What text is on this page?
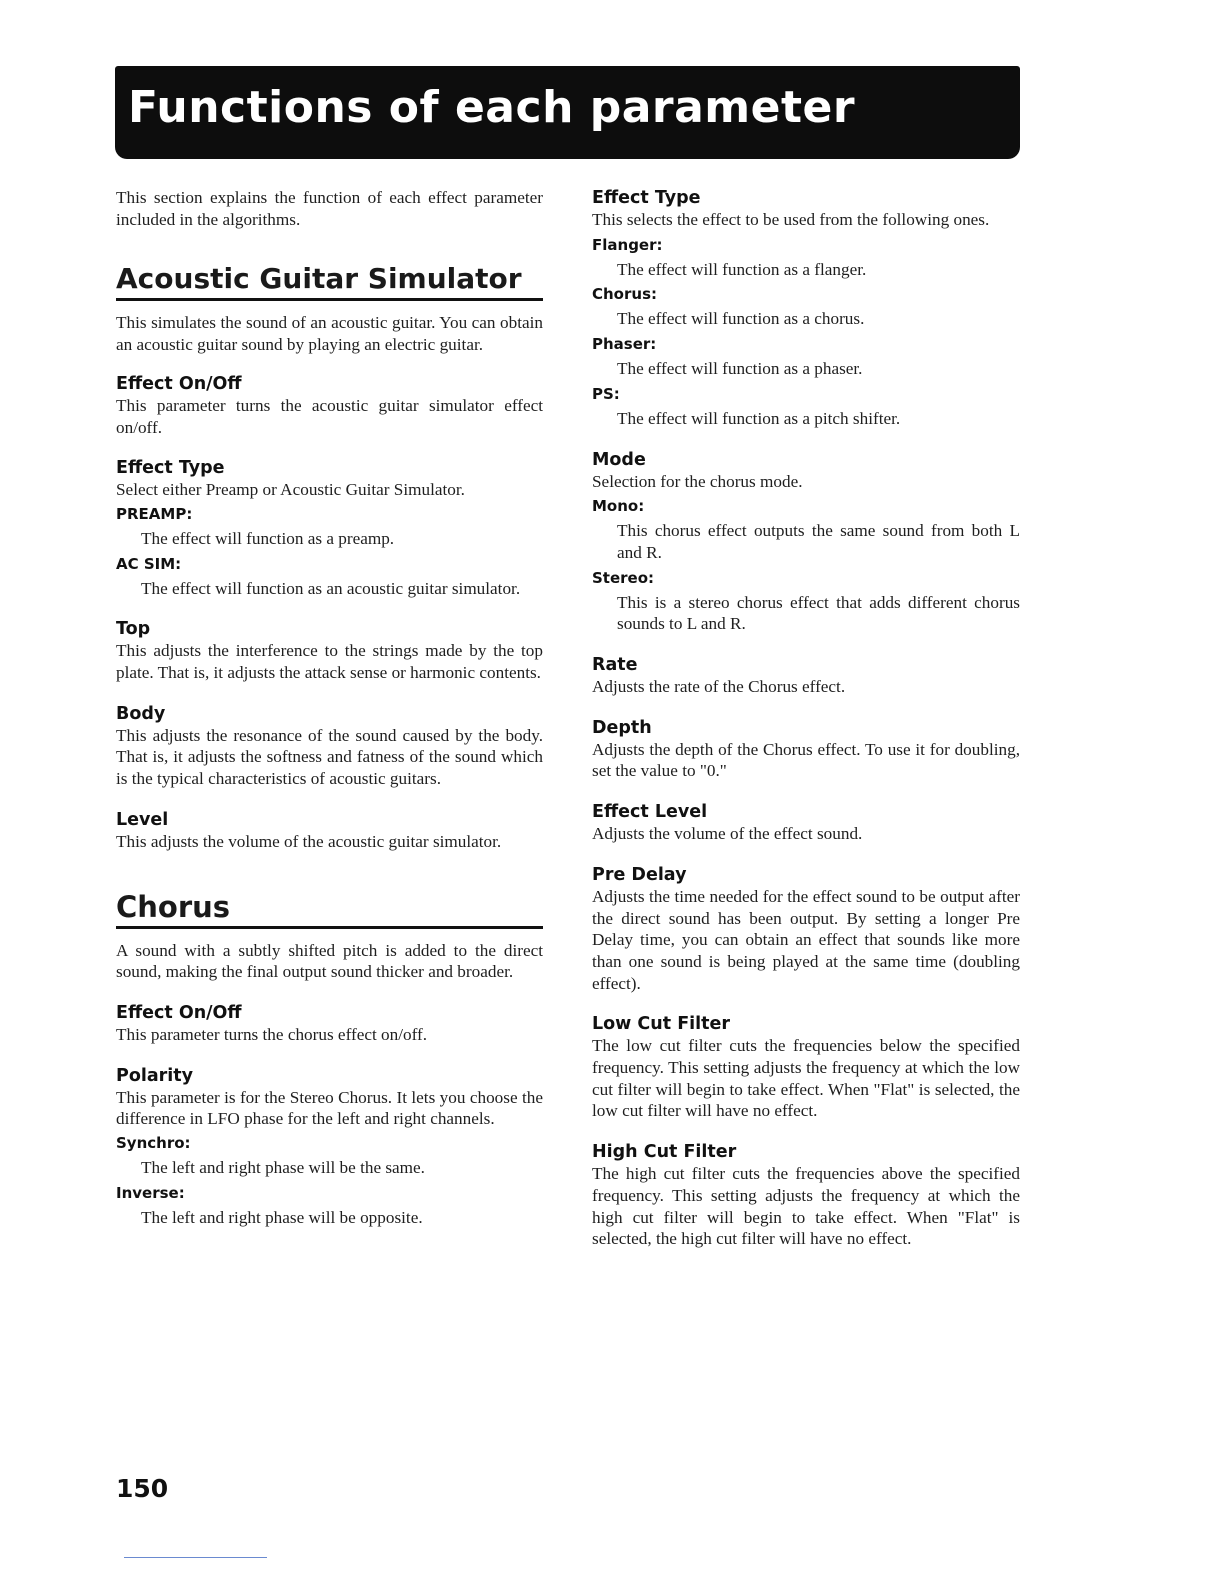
Functions of each parameter

This section explains the function of each effect parameter included in the algorithms.

Acoustic Guitar Simulator

This simulates the sound of an acoustic guitar. You can obtain an acoustic guitar sound by playing an electric guitar.

Effect On/Off

This parameter turns the acoustic guitar simulator effect on/off.

Effect Type

Select either Preamp or Acoustic Guitar Simulator.

PREAMP:

The effect will function as a preamp.

AC SIM:

The effect will function as an acoustic guitar simulator.

Top

This adjusts the interference to the strings made by the top plate. That is, it adjusts the attack sense or harmonic contents.

Body

This adjusts the resonance of the sound caused by the body. That is, it adjusts the softness and fatness of the sound which is the typical characteristics of acoustic guitars.

Level

This adjusts the volume of the acoustic guitar simulator.

Chorus

A sound with a subtly shifted pitch is added to the direct sound, making the final output sound thicker and broader.

Effect On/Off

This parameter turns the chorus effect on/off.

Polarity

This parameter is for the Stereo Chorus. It lets you choose the difference in LFO phase for the left and right channels.

Synchro:

The left and right phase will be the same.

Inverse:

The left and right phase will be opposite.

Effect Type

This selects the effect to be used from the following ones.

Flanger:

The effect will function as a flanger.

Chorus:

The effect will function as a chorus.

Phaser:

The effect will function as a phaser.

PS:

The effect will function as a pitch shifter.

Mode

Selection for the chorus mode.

Mono:

This chorus effect outputs the same sound from both L and R.

Stereo:

This is a stereo chorus effect that adds different chorus sounds to L and R.

Rate

Adjusts the rate of the Chorus effect.

Depth

Adjusts the depth of the Chorus effect. To use it for doubling, set the value to "0."

Effect Level

Adjusts the volume of the effect sound.

Pre Delay

Adjusts the time needed for the effect sound to be output after the direct sound has been output. By setting a longer Pre Delay time, you can obtain an effect that sounds like more than one sound is being played at the same time (doubling effect).

Low Cut Filter

The low cut filter cuts the frequencies below the specified frequency. This setting adjusts the frequency at which the low cut filter will begin to take effect. When "Flat" is selected, the low cut filter will have no effect.

High Cut Filter

The high cut filter cuts the frequencies above the specified frequency. This setting adjusts the frequency at which the high cut filter will begin to take effect. When "Flat" is selected, the high cut filter will have no effect.

150
